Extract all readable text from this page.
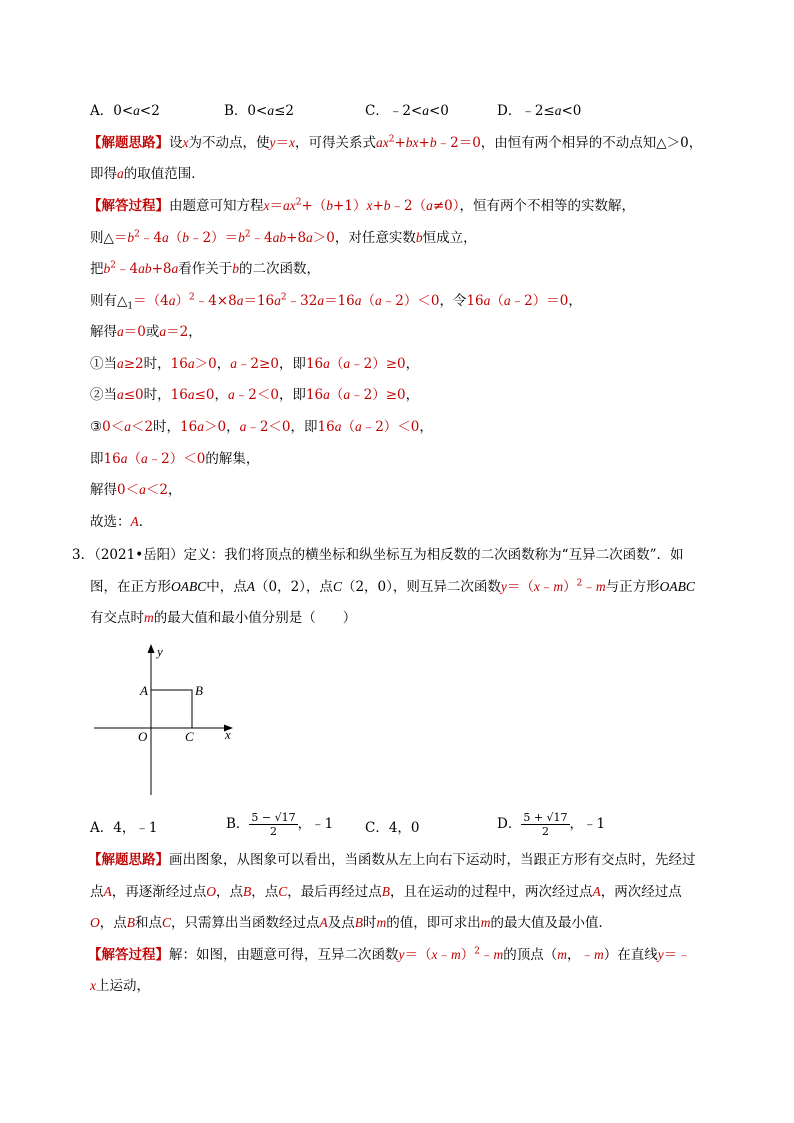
A．0<a<2	B．0<a≤2	C．﹣2<a<0	D．﹣2≤a<0
【解题思路】设x为不动点，使y＝x，可得关系式$ax^2+bx+b﹣2=0$，由恒有两个相异的不动点知△＞0，
即得a的取值范围．
【解答过程】由题意可知方程$x=ax^2+(b+1)x+b﹣2(a\ne 0)$，恒有两个不相等的实数解，
则$\triangle=b^2﹣4a(b﹣2)=b^2﹣4ab+8a>0$，对任意实数b恒成立，
把$b^2﹣4ab+8a$看作关于b的二次函数，
则有$\triangle_1=(4a)^2﹣4\times 8a=16a^2﹣32a=16a(a﹣2)<0$，令16a（a﹣2）＝0，
解得a＝0或a＝2，
①当a≥2时，16a＞0，a﹣2≥0，即16a（a﹣2）≥0，
②当a≤0时，16a≤0，a﹣2＜0，即16a（a﹣2）≥0，
③0＜a＜2时，16a＞0，a﹣2＜0，即16a（a﹣2）＜0，
即16a（a﹣2）＜0的解集，
解得0＜a＜2，
故选：A．
3．（2021•岳阳）定义：我们将顶点的横坐标和纵坐标互为相反数的二次函数称为“互异二次函数”．如
图，在正方形OABC中，点A（0，2），点C（2，0），则互异二次函数y＝（x﹣m）$^2$﹣m与正方形OABC
有交点时m的最大值和最小值分别是（　　）
y
x
A	B
O	C
A．4，﹣1	B． $\frac{5 - √17}{2}$ ，﹣1 C．4，0	D． $\frac{5 + √17}{2}$ ，﹣1
【解题思路】画出图象，从图象可以看出，当函数从左上向右下运动时，当跟正方形有交点时，先经过
点A，再逐渐经过点O，点B，点C，最后再经过点B，且在运动的过程中，两次经过点A，两次经过点
O，点B和点C，只需算出当函数经过点A及点B时m的值，即可求出m的最大值及最小值．
【解答过程】解：如图，由题意可得，互异二次函数y＝（x﹣m）$^2$﹣m的顶点（m，﹣m）在直线y＝﹣
x上运动，
